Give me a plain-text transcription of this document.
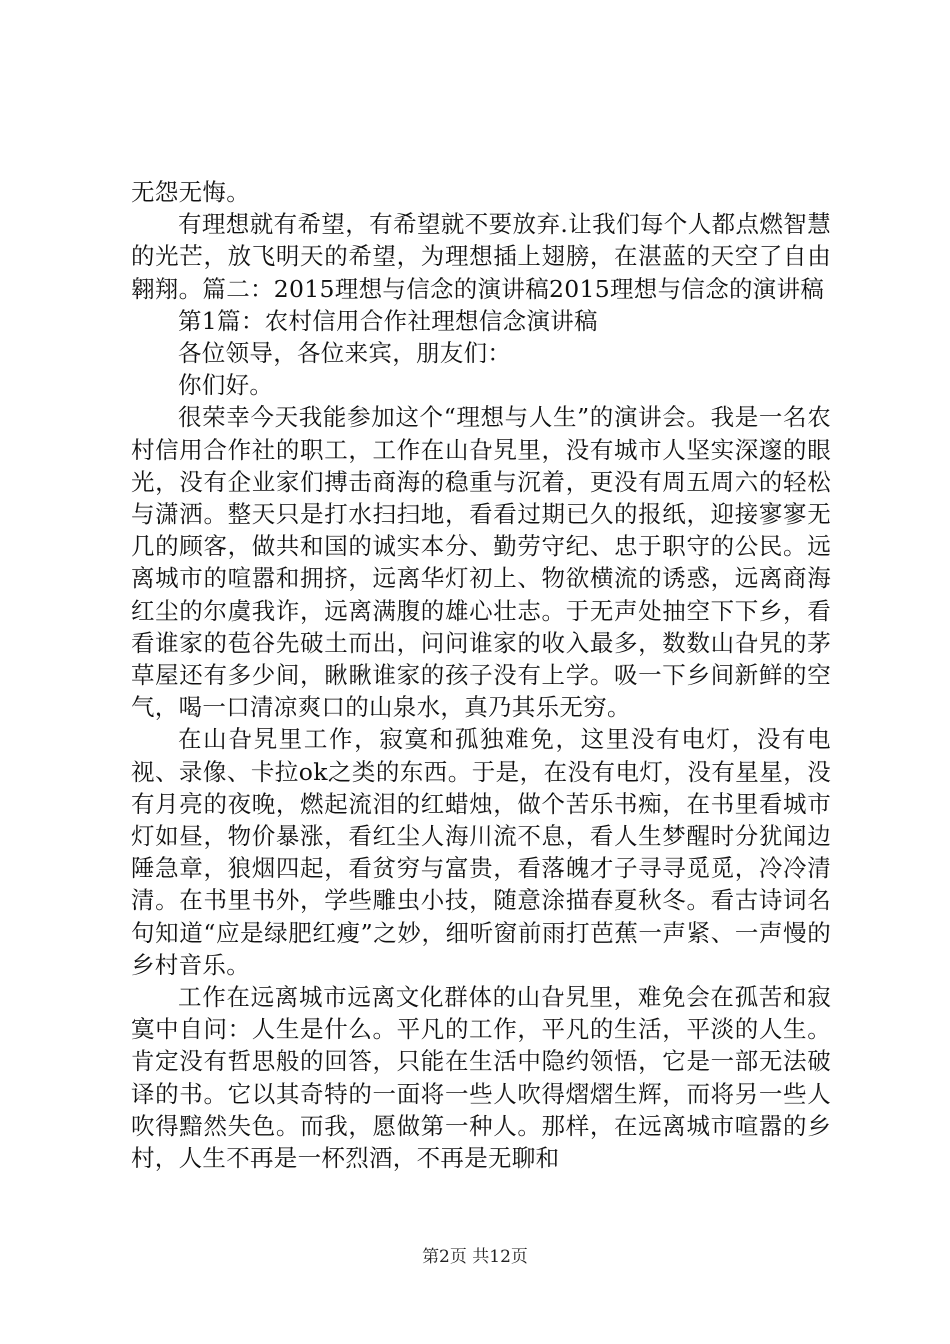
无怨无悔。

有理想就有希望，有希望就不要放弃.让我们每个人都点燃智慧的光芒，放飞明天的希望，为理想插上翅膀，在湛蓝的天空了自由翱翔。篇二：2015理想与信念的演讲稿2015理想与信念的演讲稿

第1篇：农村信用合作社理想信念演讲稿

各位领导，各位来宾，朋友们：

你们好。

很荣幸今天我能参加这个“理想与人生”的演讲会。我是一名农村信用合作社的职工，工作在山旮旯里，没有城市人坚实深邃的眼光，没有企业家们搏击商海的稳重与沉着，更没有周五周六的轻松与潇洒。整天只是打水扫扫地，看看过期已久的报纸，迎接寥寥无几的顾客，做共和国的诚实本分、勤劳守纪、忠于职守的公民。远离城市的喧嚣和拥挤，远离华灯初上、物欲横流的诱惑，远离商海红尘的尔虞我诈，远离满腹的雄心壮志。于无声处抽空下下乡，看看谁家的苞谷先破土而出，问问谁家的收入最多，数数山旮旯的茅草屋还有多少间，瞅瞅谁家的孩子没有上学。吸一下乡间新鲜的空气，喝一口清凉爽口的山泉水，真乃其乐无穷。

在山旮旯里工作，寂寞和孤独难免，这里没有电灯，没有电视、录像、卡拉ok之类的东西。于是，在没有电灯，没有星星，没有月亮的夜晚，燃起流泪的红蜡烛，做个苦乐书痴，在书里看城市灯如昼，物价暴涨，看红尘人海川流不息，看人生梦醒时分犹闻边陲急章，狼烟四起，看贫穷与富贵，看落魄才子寻寻觅觅，冷冷清清。在书里书外，学些雕虫小技，随意涂描春夏秋冬。看古诗词名句知道“应是绿肥红瘦”之妙，细听窗前雨打芭蕉一声紧、一声慢的乡村音乐。

工作在远离城市远离文化群体的山旮旯里，难免会在孤苦和寂寞中自问：人生是什么。平凡的工作，平凡的生活，平淡的人生。肯定没有哲思般的回答，只能在生活中隐约领悟，它是一部无法破译的书。它以其奇特的一面将一些人吹得熠熠生辉，而将另一些人吹得黯然失色。而我，愿做第一种人。那样，在远离城市喧嚣的乡村，人生不再是一杯烈酒，不再是无聊和

第2页 共12页
